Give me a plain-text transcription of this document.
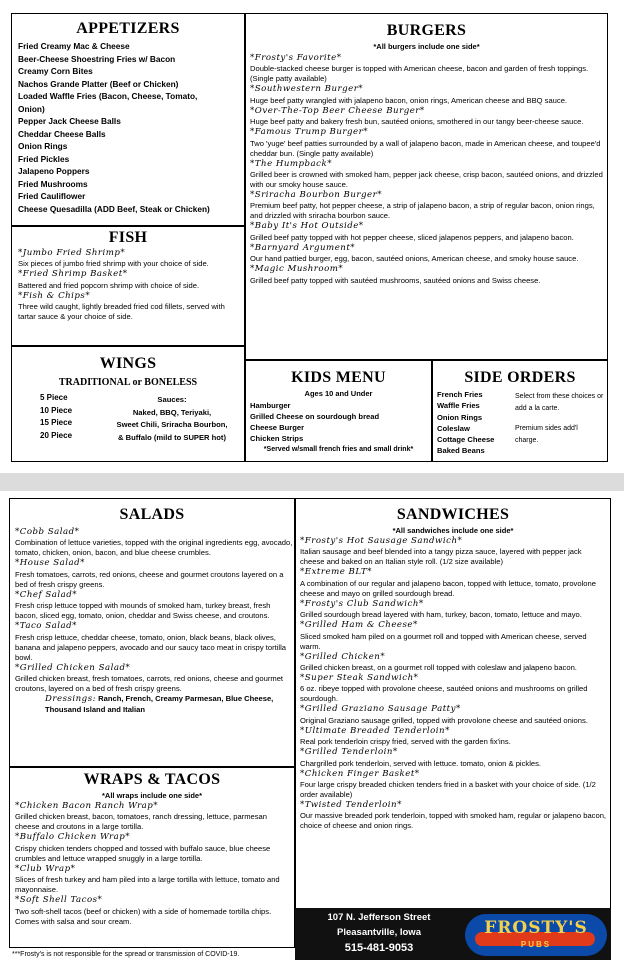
APPETIZERS
Fried Creamy Mac & Cheese
Beer-Cheese Shoestring Fries w/ Bacon
Creamy Corn Bites
Nachos Grande Platter (Beef or Chicken)
Loaded Waffle Fries (Bacon, Cheese, Tomato,
Onion)
Pepper Jack Cheese Balls
Cheddar Cheese Balls
Onion Rings
Fried Pickles
Jalapeno Poppers
Fried Mushrooms
Fried Cauliflower
Cheese Quesadilla (ADD Beef, Steak or Chicken)
FISH
*Jumbo Fried Shrimp*
Six pieces of jumbo fried shrimp with your choice of side.
*Fried Shrimp Basket*
Battered and fried popcorn shrimp with choice of side.
*Fish & Chips*
Three wild caught, lightly breaded fried cod fillets, served with tartar sauce & your choice of side.
BURGERS
*All burgers include one side*
*Frosty's Favorite*
Double-stacked cheese burger is topped with American cheese, bacon and garden of fresh toppings. (Single patty available)
*Southwestern Burger*
Huge beef patty wrangled with jalapeno bacon, onion rings, American cheese and BBQ sauce.
*Over-The-Top Beer Cheese Burger*
Huge beef patty and bakery fresh bun, sautéed onions, smothered in our tangy beer-cheese sauce.
*Famous Trump Burger*
Two 'yuge' beef patties surrounded by a wall of jalapeno bacon, made in American cheese, and toupee'd cheddar bun. (Single patty available)
*The Humpback*
Grilled beer is crowned with smoked ham, pepper jack cheese, crisp bacon, sautéed onions, and drizzled with our smoky house sauce.
*Sriracha Bourbon Burger*
Premium beef patty, hot pepper cheese, a strip of jalapeno bacon, a strip of regular bacon, onion rings, and drizzled with sriracha bourbon sauce.
*Baby It's Hot Outside*
Grilled beef patty topped with hot pepper cheese, sliced jalapenos peppers, and jalapeno bacon.
*Barnyard Argument*
Our hand pattied burger, egg, bacon, sautéed onions, American cheese, and smoky house sauce.
*Magic Mushroom*
Grilled beef patty topped with sautéed mushrooms, sautéed onions and Swiss cheese.
WINGS
TRADITIONAL or BONELESS
5 Piece
10 Piece
15 Piece
20 Piece
Sauces:
Naked, BBQ, Teriyaki,
Sweet Chili, Sriracha Bourbon,
& Buffalo (mild to SUPER hot)
KIDS MENU
Ages 10 and Under
Hamburger
Grilled Cheese on sourdough bread
Cheese Burger
Chicken Strips
*Served w/small french fries and small drink*
SIDE ORDERS
French Fries
Waffle Fries
Onion Rings
Coleslaw
Cottage Cheese
Baked Beans
Select from these choices or add a la carte.
Premium sides add'l charge.
SALADS
*Cobb Salad*
Combination of lettuce varieties, topped with the original ingredients egg, avocado, tomato, chicken, onion, bacon, and blue cheese crumbles.
*House Salad*
Fresh tomatoes, carrots, red onions, cheese and gourmet croutons layered on a bed of fresh crispy greens.
*Chef Salad*
Fresh crisp lettuce topped with mounds of smoked ham, turkey breast, fresh bacon, sliced egg, tomato, onion, cheddar and Swiss cheese, and croutons.
*Taco Salad*
Fresh crisp lettuce, cheddar cheese, tomato, onion, black beans, black olives, banana and jalapeno peppers, avocado and our saucy taco meat in crispy tortilla bowl.
*Grilled Chicken Salad*
Grilled chicken breast, fresh tomatoes, carrots, red onions, cheese and gourmet croutons, layered on a bed of fresh crispy greens.
Dressings: Ranch, French, Creamy Parmesan, Blue Cheese, Thousand Island and Italian
WRAPS & TACOS
*All wraps include one side*
*Chicken Bacon Ranch Wrap*
Grilled chicken breast, bacon, tomatoes, ranch dressing, lettuce, parmesan cheese and croutons in a large tortilla.
*Buffalo Chicken Wrap*
Crispy chicken tenders chopped and tossed with buffalo sauce, blue cheese crumbles and lettuce wrapped snuggly in a large tortilla.
*Club Wrap*
Slices of fresh turkey and ham piled into a large tortilla with lettuce, tomato and mayonnaise.
*Soft Shell Tacos*
Two soft-shell tacos (beef or chicken) with a side of homemade tortilla chips. Comes with salsa and sour cream.
SANDWICHES
*All sandwiches include one side*
*Frosty's Hot Sausage Sandwich*
Italian sausage and beef blended into a tangy pizza sauce, layered with pepper jack cheese and baked on an Italian style roll. (1/2 size available)
*Extreme BLT*
A combination of our regular and jalapeno bacon, topped with lettuce, tomato, provolone cheese and mayo on grilled sourdough bread.
*Frosty's Club Sandwich*
Grilled sourdough bread layered with ham, turkey, bacon, tomato, lettuce and mayo.
*Grilled Ham & Cheese*
Sliced smoked ham piled on a gourmet roll and topped with American cheese, served warm.
*Grilled Chicken*
Grilled chicken breast, on a gourmet roll topped with coleslaw and jalapeno bacon.
*Super Steak Sandwich*
6 oz. ribeye topped with provolone cheese, sautéed onions and mushrooms on grilled sourdough.
*Grilled Graziano Sausage Patty*
Original Graziano sausage grilled, topped with provolone cheese and sautéed onions.
*Ultimate Breaded Tenderloin*
Real pork tenderloin crispy fried, served with the garden fix'ins.
*Grilled Tenderloin*
Chargrilled pork tenderloin, served with lettuce. tomato, onion & pickles.
*Chicken Finger Basket*
Four large crispy breaded chicken tenders fried in a basket with your choice of side. (1/2 order available)
*Twisted Tenderloin*
Our massive breaded pork tenderloin, topped with smoked ham, regular or jalapeno bacon, choice of cheese and onion rings.
107 N. Jefferson Street
Pleasantville, Iowa
515-481-9053
FROSTY'S
PUBS
***Frosty's is not responsible for the spread or transmission of COVID-19.
